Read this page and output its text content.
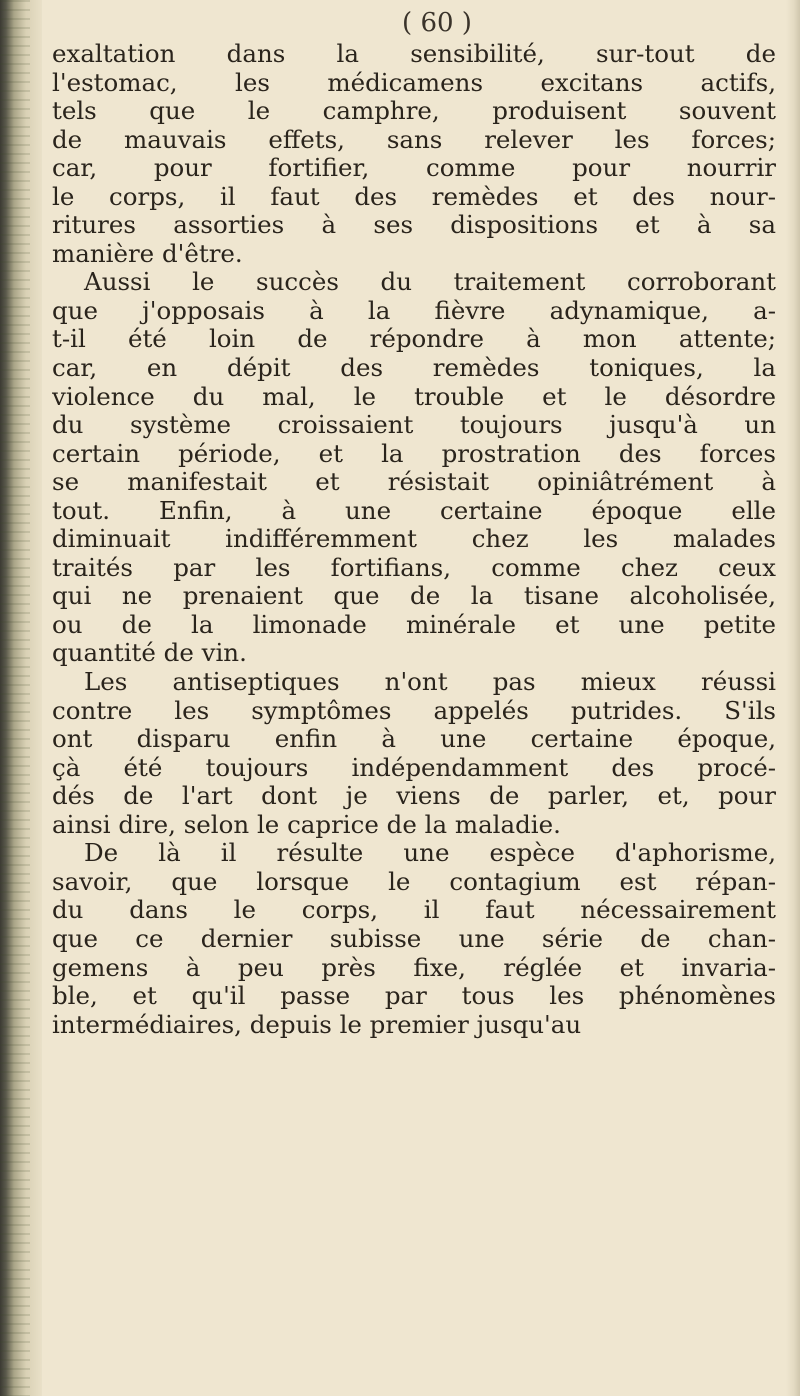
( 60 )
exaltation dans la sensibilité, sur-tout de
l'estomac, les médicamens excitans actifs,
tels que le camphre, produisent souvent
de mauvais effets, sans relever les forces;
car, pour fortifier, comme pour nourrir
le corps, il faut des remèdes et des nour-
ritures assorties à ses dispositions et à sa
manière d'être.
Aussi le succès du traitement corroborant
que j'opposais à la fièvre adynamique, a-
t-il été loin de répondre à mon attente;
car, en dépit des remèdes toniques, la
violence du mal, le trouble et le désordre
du système croissaient toujours jusqu'à un
certain période, et la prostration des forces
se manifestait et résistait opiniâtrément à
tout. Enfin, à une certaine époque elle
diminuait indifféremment chez les malades
traités par les fortifians, comme chez ceux
qui ne prenaient que de la tisane alcoholisée,
ou de la limonade minérale et une petite
quantité de vin.
Les antiseptiques n'ont pas mieux réussi
contre les symptômes appelés putrides. S'ils
ont disparu enfin à une certaine époque,
çà été toujours indépendamment des procé-
dés de l'art dont je viens de parler, et, pour
ainsi dire, selon le caprice de la maladie.
De là il résulte une espèce d'aphorisme,
savoir, que lorsque le contagium est répan-
du dans le corps, il faut nécessairement
que ce dernier subisse une série de chan-
gemens à peu près fixe, réglée et invaria-
ble, et qu'il passe par tous les phénomènes
intermédiaires, depuis le premier jusqu'au
